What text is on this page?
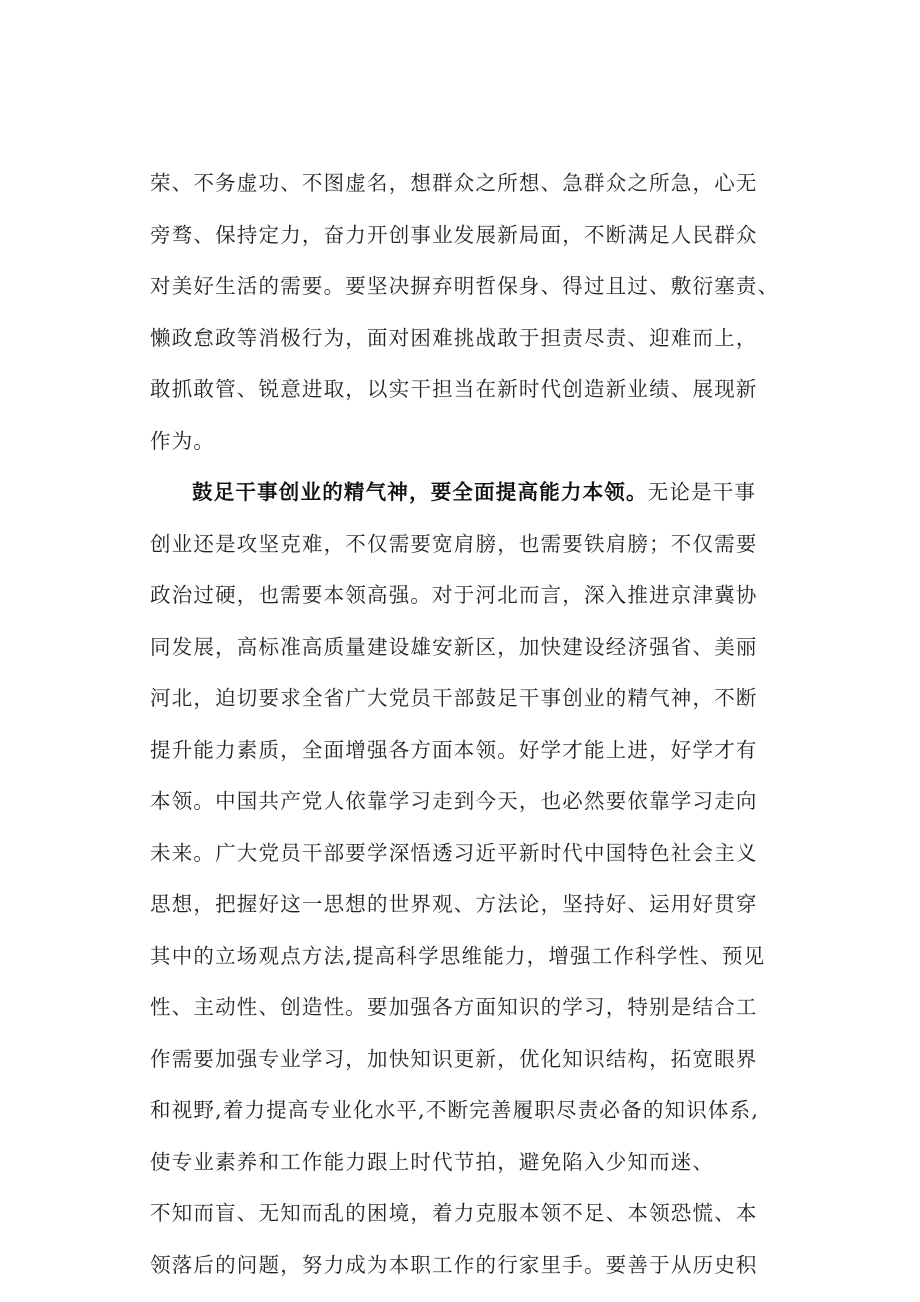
荣、不务虚功、不图虚名，想群众之所想、急群众之所急，心无
旁骛、保持定力，奋力开创事业发展新局面，不断满足人民群众
对美好生活的需要。要坚决摒弃明哲保身、得过且过、敷衍塞责、
懒政怠政等消极行为，面对困难挑战敢于担责尽责、迎难而上，
敢抓敢管、锐意进取，以实干担当在新时代创造新业绩、展现新
作为。
鼓足干事创业的精气神，要全面提高能力本领。无论是干事
创业还是攻坚克难，不仅需要宽肩膀，也需要铁肩膀；不仅需要
政治过硬，也需要本领高强。对于河北而言，深入推进京津冀协
同发展，高标准高质量建设雄安新区，加快建设经济强省、美丽
河北，迫切要求全省广大党员干部鼓足干事创业的精气神，不断
提升能力素质，全面增强各方面本领。好学才能上进，好学才有
本领。中国共产党人依靠学习走到今天，也必然要依靠学习走向
未来。广大党员干部要学深悟透习近平新时代中国特色社会主义
思想，把握好这一思想的世界观、方法论，坚持好、运用好贯穿
其中的立场观点方法,提高科学思维能力，增强工作科学性、预见
性、主动性、创造性。要加强各方面知识的学习，特别是结合工
作需要加强专业学习，加快知识更新，优化知识结构，拓宽眼界
和视野,着力提高专业化水平,不断完善履职尽责必备的知识体系,
使专业素养和工作能力跟上时代节拍，避免陷入少知而迷、
不知而盲、无知而乱的困境，着力克服本领不足、本领恐慌、本
领落后的问题，努力成为本职工作的行家里手。要善于从历史积
